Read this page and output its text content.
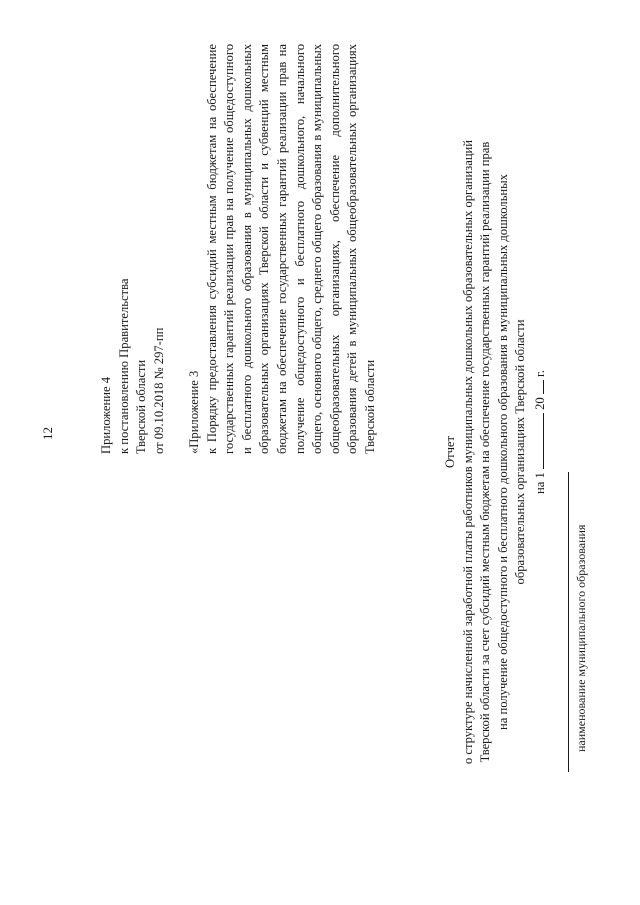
12	Приложение 4 к постановлению Правительства Тверской области от 09.10.2018 № 297-пп «Приложение 3 к Порядку предоставления субсидий местным бюджетам на обеспечение государственных гарантий реализации прав на получение общедоступного и бесплатного дошкольного образования в муниципальных дошкольных образовательных организациях Тверской области и субвенций местным бюджетам на обеспечение государственных гарантий реализации прав на получение общедоступного и бесплатного дошкольного, начального общего, основного общего, среднего общего образования в муниципальных общеобразовательных организациях, обеспечение дополнительного образования детей в муниципальных общеобразовательных организациях Тверской области	Отчет о структуре начисленной заработной платы работников муниципальных дошкольных образовательных организаций Тверской области за счет субсидий местным бюджетам на обеспечение государственных гарантий реализации прав на получение общедоступного и бесплатного дошкольного образования в муниципальных дошкольных образовательных организациях Тверской области на 1  20  г.

наименование муниципального образования
